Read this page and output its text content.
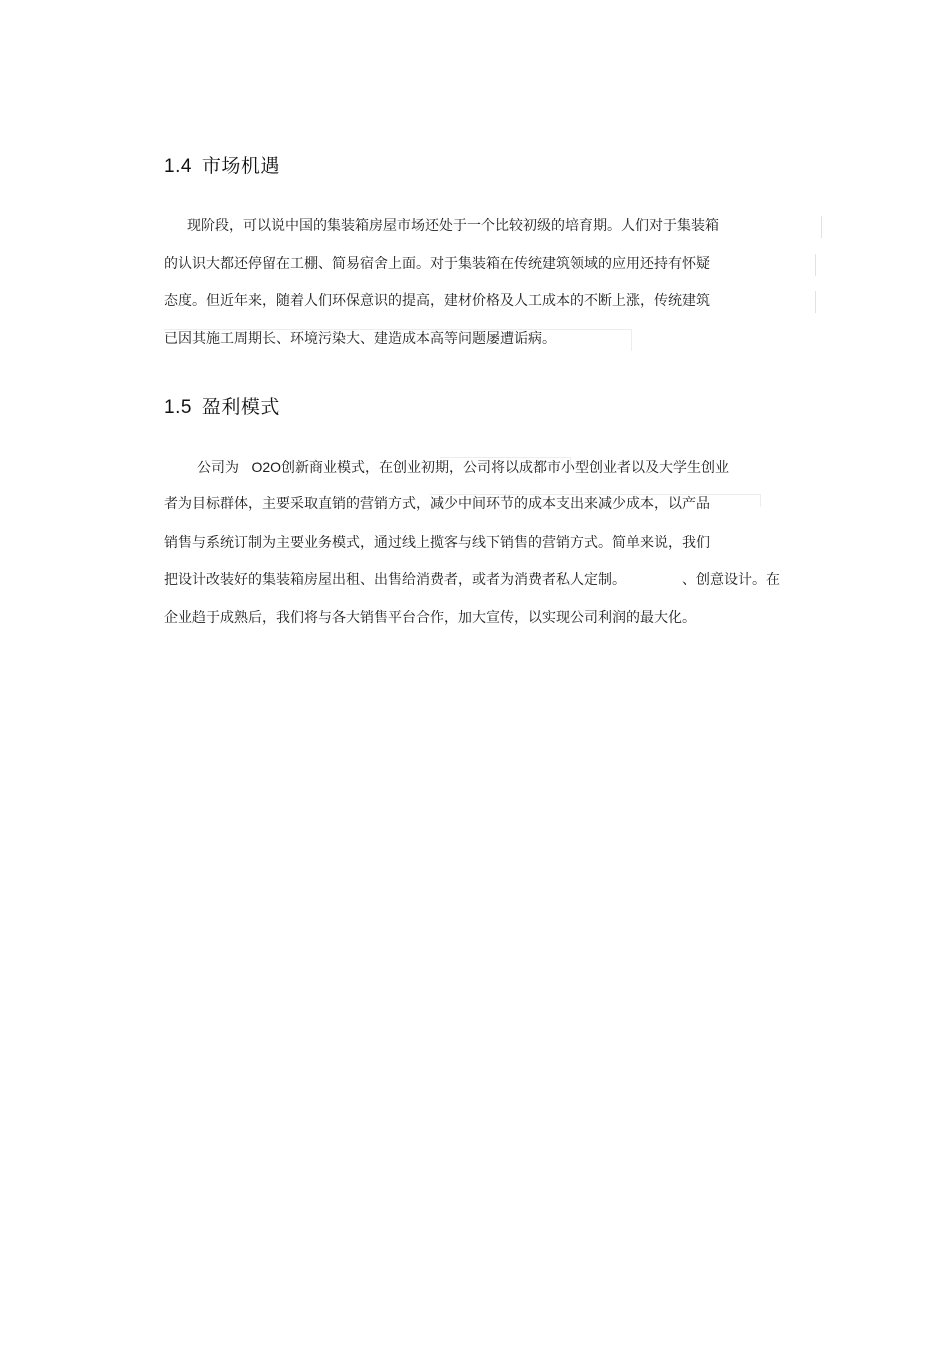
1.4 市场机遇

现阶段，可以说中国的集装箱房屋市场还处于一个比较初级的培育期。人们对于集装箱

的认识大都还停留在工棚、简易宿舍上面。对于集装箱在传统建筑领域的应用还持有怀疑

态度。但近年来，随着人们环保意识的提高，建材价格及人工成本的不断上涨，传统建筑

已因其施工周期长、环境污染大、建造成本高等问题屡遭诟病。

1.5 盈利模式

公司为 O2O创新商业模式，在创业初期，公司将以成都市小型创业者以及大学生创业

者为目标群体，主要采取直销的营销方式，减少中间环节的成本支出来减少成本，以产品

销售与系统订制为主要业务模式，通过线上揽客与线下销售的营销方式。简单来说，我们

把设计改装好的集装箱房屋出租、出售给消费者，或者为消费者私人定制。	、创意设计。在

企业趋于成熟后，我们将与各大销售平台合作，加大宣传，以实现公司利润的最大化。
